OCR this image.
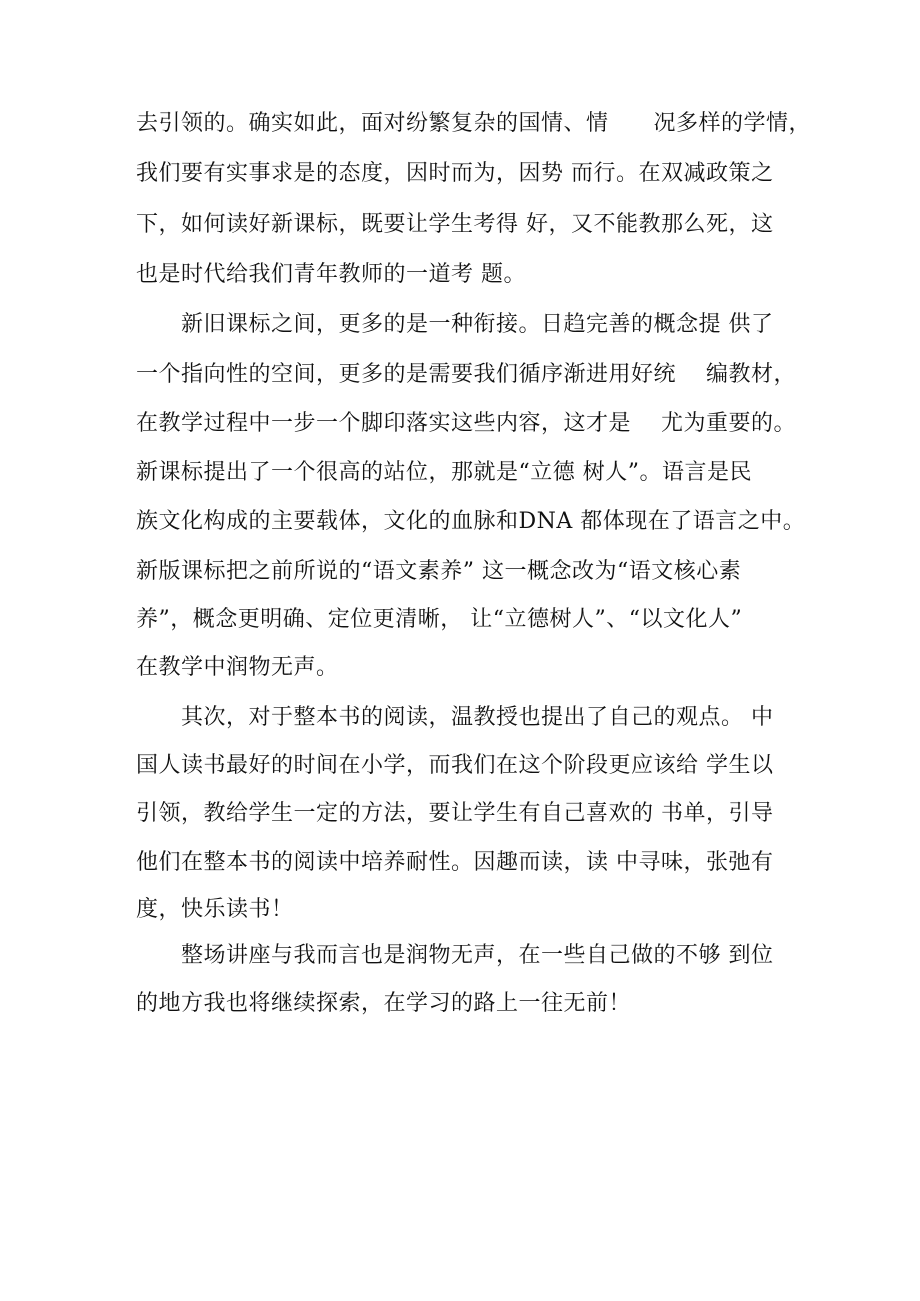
去引领的。确实如此，面对纷繁复杂的国情、情　　况多样的学情，

我们要有实事求是的态度，因时而为，因势 而行。在双减政策之

下，如何读好新课标，既要让学生考得 好，又不能教那么死，这

也是时代给我们青年教师的一道考 题。

　　新旧课标之间，更多的是一种衔接。日趋完善的概念提 供了

一个指向性的空间，更多的是需要我们循序渐进用好统　 编教材，

在教学过程中一步一个脚印落实这些内容，这才是　 尤为重要的。

新课标提出了一个很高的站位，那就是“立德 树人”。语言是民

族文化构成的主要载体，文化的血脉和DNA 都体现在了语言之中。

新版课标把之前所说的“语文素养” 这一概念改为“语文核心素

养”，概念更明确、定位更清晰， 让“立德树人”、“以文化人”

在教学中润物无声。

　　其次，对于整本书的阅读，温教授也提出了自己的观点。 中

国人读书最好的时间在小学，而我们在这个阶段更应该给 学生以

引领，教给学生一定的方法，要让学生有自己喜欢的 书单，引导

他们在整本书的阅读中培养耐性。因趣而读，读 中寻味，张弛有

度，快乐读书！

　　整场讲座与我而言也是润物无声，在一些自己做的不够 到位

的地方我也将继续探索，在学习的路上一往无前！
